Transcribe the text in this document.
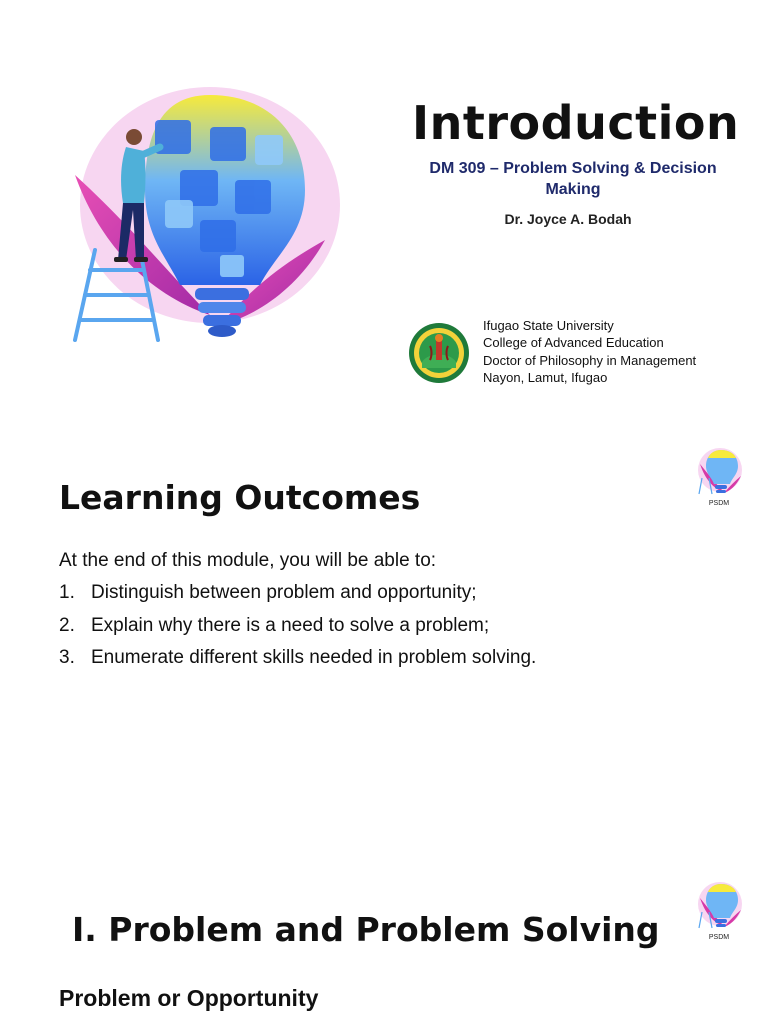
Introduction
DM 309 – Problem Solving & Decision Making
Dr. Joyce A. Bodah
Ifugao State University
College of Advanced Education
Doctor of Philosophy in Management
Nayon, Lamut, Ifugao
Learning Outcomes	PSDM
At the end of this module, you will be able to:
1. Distinguish between problem and opportunity;
2. Explain why there is a need to solve a problem;
3. Enumerate different skills needed in problem solving.
I. Problem and Problem Solving	PSDM
Problem or Opportunity
